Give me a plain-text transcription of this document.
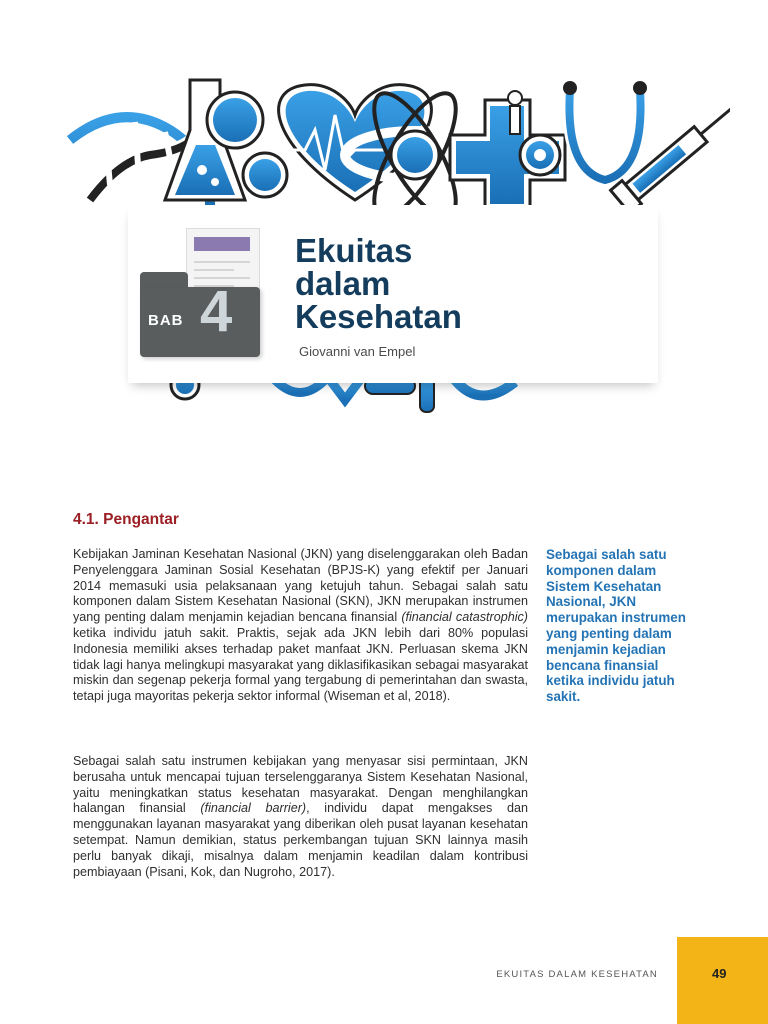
BAB 4
Ekuitas
dalam
Kesehatan
Giovanni van Empel
4.1. Pengantar

Kebijakan Jaminan Kesehatan Nasional (JKN) yang diselenggarakan oleh Badan Penyelenggara Jaminan Sosial Kesehatan (BPJS-K) yang efektif per Januari 2014 memasuki usia pelaksanaan yang ketujuh tahun. Sebagai salah satu komponen dalam Sistem Kesehatan Nasional (SKN), JKN merupakan instrumen yang penting dalam menjamin kejadian bencana finansial (financial catastrophic) ketika individu jatuh sakit. Praktis, sejak ada JKN lebih dari 80% populasi Indonesia memiliki akses terhadap paket manfaat JKN. Perluasan skema JKN tidak lagi hanya melingkupi masyarakat yang diklasifikasikan sebagai masyarakat miskin dan segenap pekerja formal yang tergabung di pemerintahan dan swasta, tetapi juga mayoritas pekerja sektor informal (Wiseman et al, 2018).

Sebagai salah satu instrumen kebijakan yang menyasar sisi permintaan, JKN berusaha untuk mencapai tujuan terselenggaranya Sistem Kesehatan Nasional, yaitu meningkatkan status kesehatan masyarakat. Dengan menghilangkan halangan finansial (financial barrier), individu dapat mengakses dan menggunakan layanan masyarakat yang diberikan oleh pusat layanan kesehatan setempat. Namun demikian, status perkembangan tujuan SKN lainnya masih perlu banyak dikaji, misalnya dalam menjamin keadilan dalam kontribusi pembiayaan (Pisani, Kok, dan Nugroho, 2017).

Sebagai salah satu komponen dalam Sistem Kesehatan Nasional, JKN merupakan instrumen yang penting dalam menjamin kejadian bencana finansial ketika individu jatuh sakit.
EKUITAS DALAM KESEHATAN	49
